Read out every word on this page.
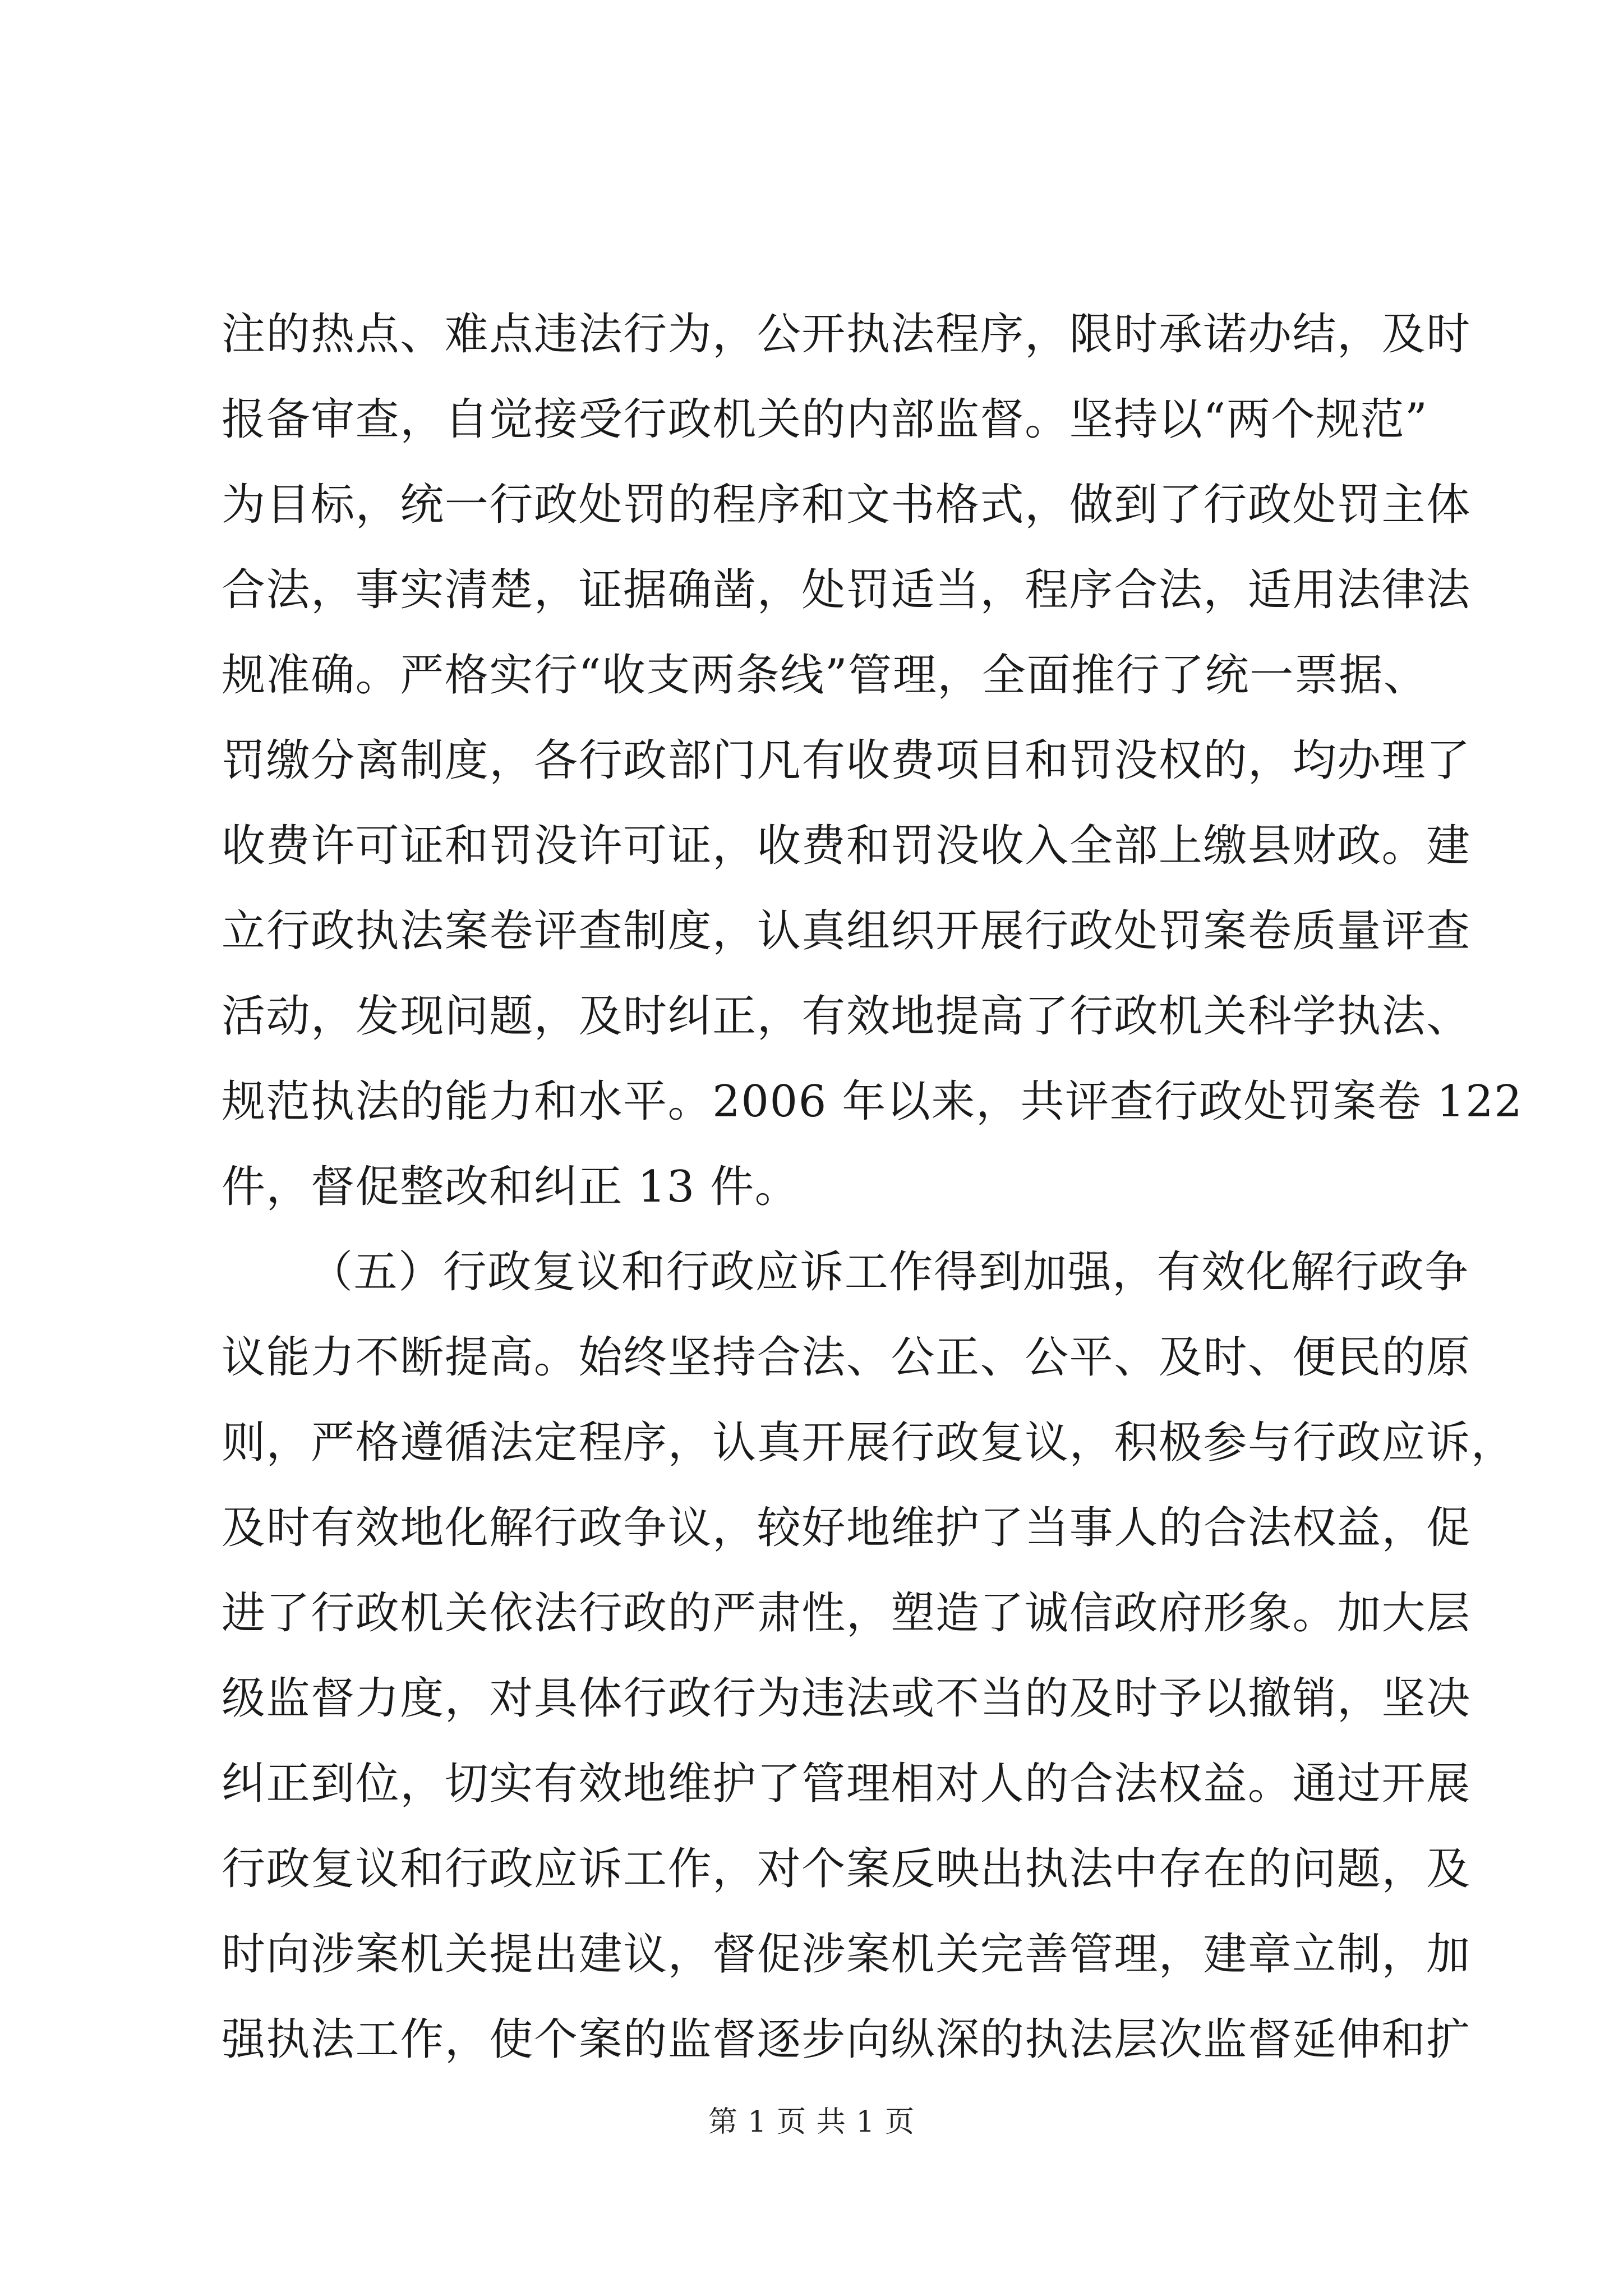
注的热点、难点违法行为，公开执法程序，限时承诺办结，及时
报备审查，自觉接受行政机关的内部监督。坚持以“两个规范”
为目标，统一行政处罚的程序和文书格式，做到了行政处罚主体
合法，事实清楚，证据确凿，处罚适当，程序合法，适用法律法
规准确。严格实行“收支两条线”管理，全面推行了统一票据、
罚缴分离制度，各行政部门凡有收费项目和罚没权的，均办理了
收费许可证和罚没许可证，收费和罚没收入全部上缴县财政。建
立行政执法案卷评查制度，认真组织开展行政处罚案卷质量评查
活动，发现问题，及时纠正，有效地提高了行政机关科学执法、
规范执法的能力和水平。2006 年以来，共评查行政处罚案卷 122
件，督促整改和纠正 13 件。
（五）行政复议和行政应诉工作得到加强，有效化解行政争
议能力不断提高。始终坚持合法、公正、公平、及时、便民的原
则，严格遵循法定程序，认真开展行政复议，积极参与行政应诉，
及时有效地化解行政争议，较好地维护了当事人的合法权益，促
进了行政机关依法行政的严肃性，塑造了诚信政府形象。加大层
级监督力度，对具体行政行为违法或不当的及时予以撤销，坚决
纠正到位，切实有效地维护了管理相对人的合法权益。通过开展
行政复议和行政应诉工作，对个案反映出执法中存在的问题，及
时向涉案机关提出建议，督促涉案机关完善管理，建章立制，加
强执法工作，使个案的监督逐步向纵深的执法层次监督延伸和扩
第 1 页 共 1 页
